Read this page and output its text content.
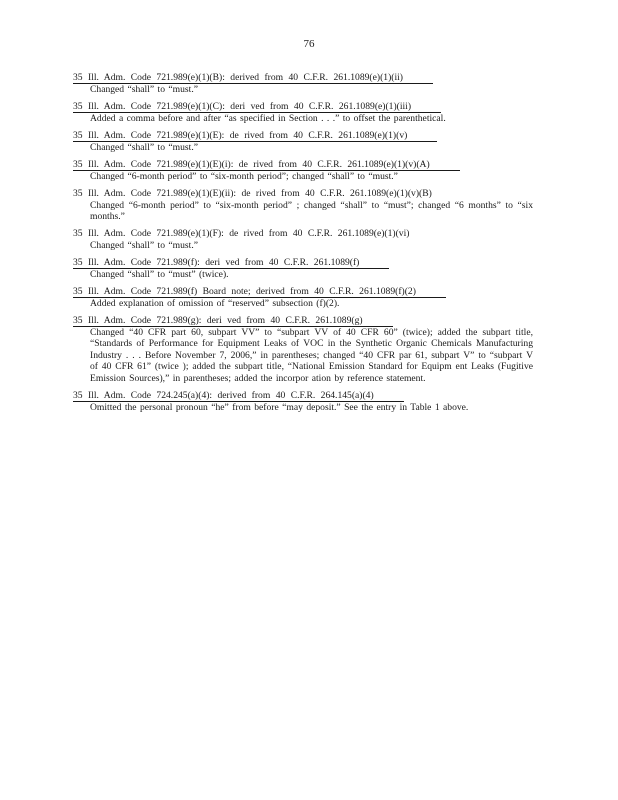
76
35 Ill. Adm. Code 721.989(e)(1)(B): derived from 40 C.F.R. 261.1089(e)(1)(ii)
Changed “shall” to “must.”
35 Ill. Adm. Code 721.989(e)(1)(C): deri ved from 40 C.F.R. 261.1089(e)(1)(iii)
Added a comma before and after “as specified in Section . . .” to offset the parenthetical.
35 Ill. Adm. Code 721.989(e)(1)(E): de rived from 40 C.F.R. 261.1089(e)(1)(v)
Changed “shall” to “must.”
35 Ill. Adm. Code 721.989(e)(1)(E)(i): de rived from 40 C.F.R. 261.1089(e)(1)(v)(A)
Changed “6-month period” to “six-month period”; changed “shall” to “must.”
35 Ill. Adm. Code 721.989(e)(1)(E)(ii): de rived from 40 C.F.R. 261.1089(e)(1)(v)(B)
Changed “6-month period” to “six-month period” ; changed “shall” to “must”; changed “6 months” to “six months.”
35 Ill. Adm. Code 721.989(e)(1)(F): de rived from 40 C.F.R. 261.1089(e)(1)(vi)
Changed “shall” to “must.”
35 Ill. Adm. Code 721.989(f): deri ved from 40 C.F.R. 261.1089(f)
Changed “shall” to “must” (twice).
35 Ill. Adm. Code 721.989(f) Board note; derived from 40 C.F.R. 261.1089(f)(2)
Added explanation of omission of “reserved” subsection (f)(2).
35 Ill. Adm. Code 721.989(g): deri ved from 40 C.F.R. 261.1089(g)
Changed “40 CFR part 60, subpart VV” to “subpart VV of 40 CFR 60” (twice); added the subpart title, “Standards of Performance for Equipment Leaks of VOC in the Synthetic Organic Chemicals Manufacturing Industry . . . Before November 7, 2006,” in parentheses; changed “40 CFR par 61, subpart V” to “subpart V of 40 CFR 61” (twice ); added the subpart title, “National Emission Standard for Equipm ent Leaks (Fugitive Emission Sources),” in parentheses; added the incorpor ation by reference statement.
35 Ill. Adm. Code 724.245(a)(4): derived from 40 C.F.R. 264.145(a)(4)
Omitted the personal pronoun “he” from before “may deposit.” See the entry in Table 1 above.
